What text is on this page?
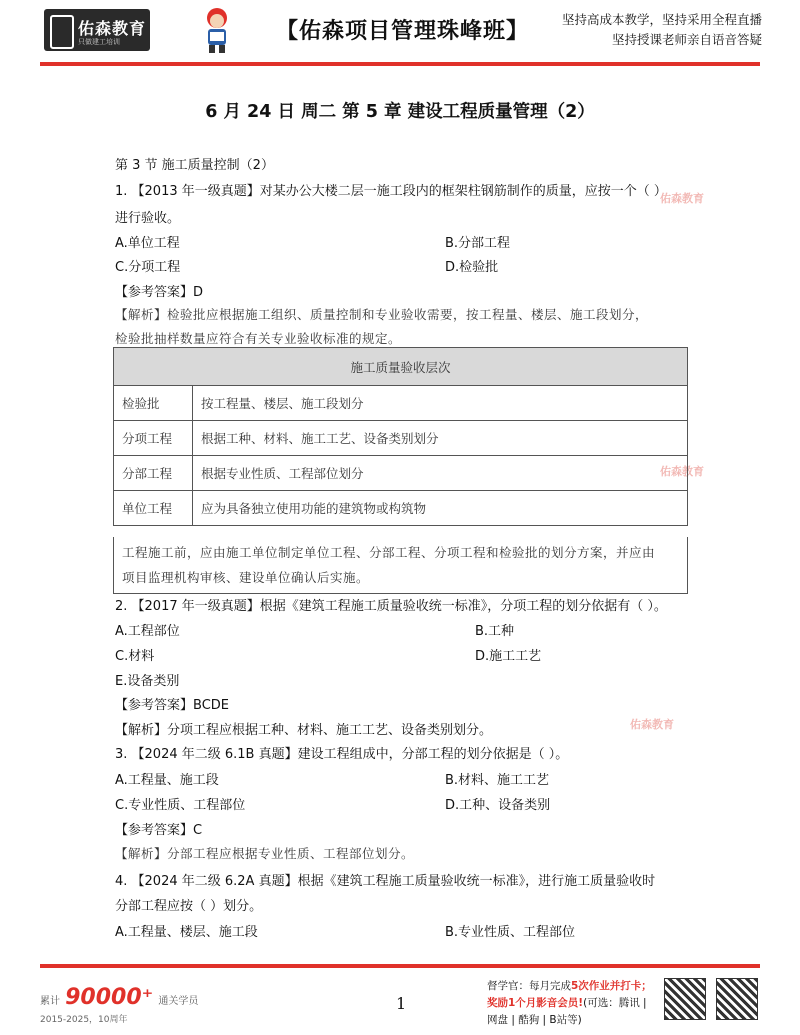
佑森教育
只做建工培训	【佑森项目管理珠峰班】	坚持高成本教学，坚持采用全程直播
坚持授课老师亲自语音答疑
6 月 24 日 周二 第 5 章 建设工程质量管理（2）
佑森教育
佑森教育
佑森教育
第 3 节 施工质量控制（2）
1. 【2013 年一级真题】对某办公大楼二层一施工段内的框架柱钢筋制作的质量，应按一个（ ）
进行验收。
A.单位工程	B.分部工程
C.分项工程	D.检验批
【参考答案】D
【解析】检验批应根据施工组织、质量控制和专业验收需要，按工程量、楼层、施工段划分，
检验批抽样数量应符合有关专业验收标准的规定。
2. 【2017 年一级真题】根据《建筑工程施工质量验收统一标准》，分项工程的划分依据有（ ）。
A.工程部位	B.工种
C.材料	D.施工工艺
E.设备类别
【参考答案】BCDE
【解析】分项工程应根据工种、材料、施工工艺、设备类别划分。
3. 【2024 年二级 6.1B 真题】建设工程组成中，分部工程的划分依据是（ ）。
A.工程量、施工段	B.材料、施工工艺
C.专业性质、工程部位	D.工种、设备类别
【参考答案】C
【解析】分部工程应根据专业性质、工程部位划分。
4. 【2024 年二级 6.2A 真题】根据《建筑工程施工质量验收统一标准》，进行施工质量验收时
分部工程应按（ ）划分。
A.工程量、楼层、施工段	B.专业性质、工程部位
施工质量验收层次	
检验批	按工程量、楼层、施工段划分
分项工程	根据工种、材料、施工工艺、设备类别划分
分部工程	根据专业性质、工程部位划分
单位工程	应为具备独立使用功能的建筑物或构筑物
工程施工前，应由施工单位制定单位工程、分部工程、分项工程和检验批的划分方案，并应由
项目监理机构审核、建设单位确认后实施。
累计 90000⁺ 通关学员
2015-2025，10周年
1
督学官：每月完成5次作业并打卡；
奖励1个月影音会员!(可选：腾讯 |
网盘 | 酷狗 | B站等)
